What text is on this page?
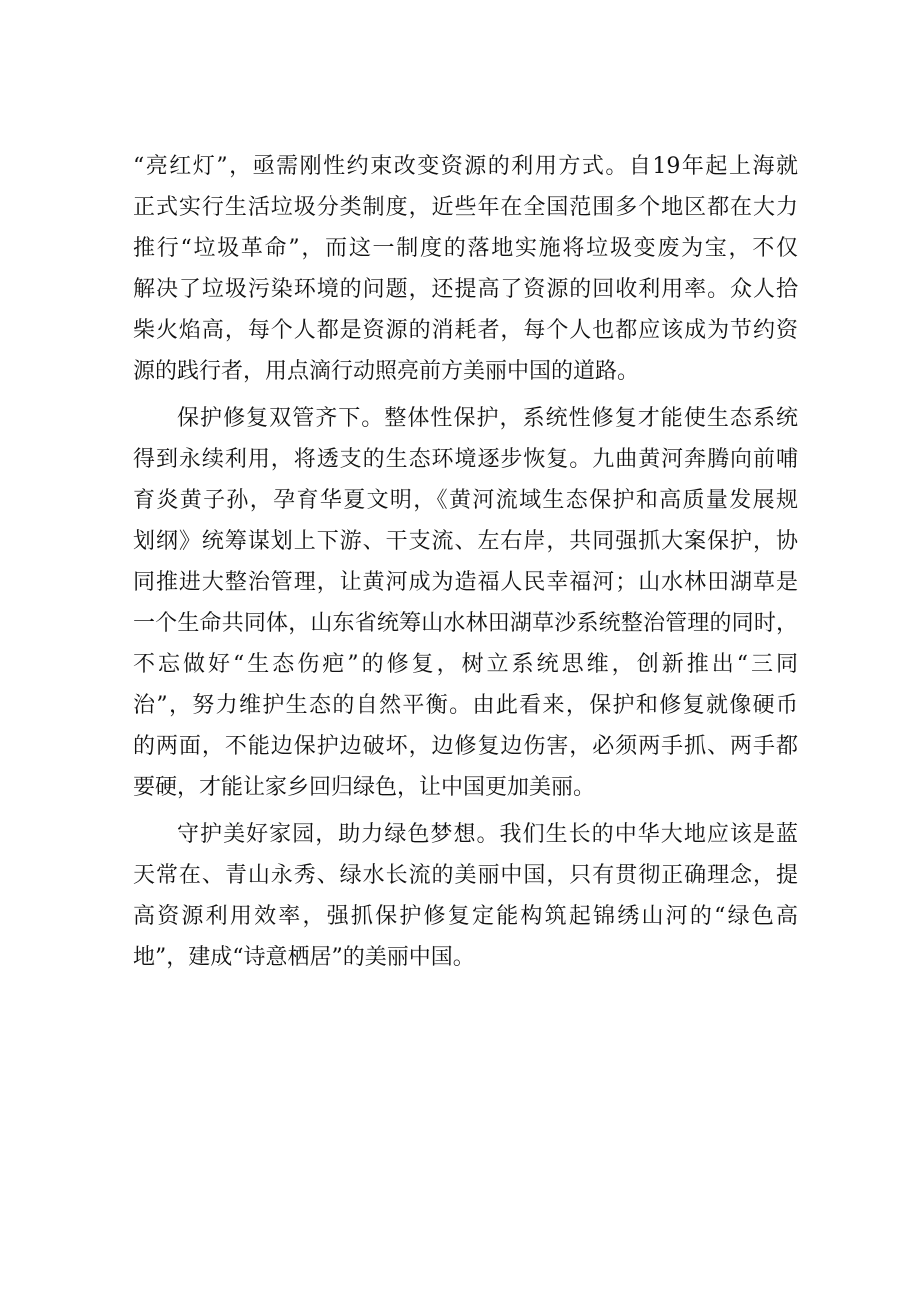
“亮红灯”，亟需刚性约束改变资源的利用方式。自19年起上海就
正式实行生活垃圾分类制度，近些年在全国范围多个地区都在大力
推行“垃圾革命”，而这一制度的落地实施将垃圾变废为宝，不仅
解决了垃圾污染环境的问题，还提高了资源的回收利用率。众人拾
柴火焰高，每个人都是资源的消耗者，每个人也都应该成为节约资
源的践行者，用点滴行动照亮前方美丽中国的道路。

保护修复双管齐下。整体性保护，系统性修复才能使生态系统
得到永续利用，将透支的生态环境逐步恢复。九曲黄河奔腾向前哺
育炎黄子孙，孕育华夏文明，《黄河流域生态保护和高质量发展规
划纲》统筹谋划上下游、干支流、左右岸，共同强抓大案保护，协
同推进大整治管理，让黄河成为造福人民幸福河；山水林田湖草是
一个生命共同体，山东省统筹山水林田湖草沙系统整治管理的同时，
不忘做好“生态伤疤”的修复，树立系统思维，创新推出“三同
治”，努力维护生态的自然平衡。由此看来，保护和修复就像硬币
的两面，不能边保护边破坏，边修复边伤害，必须两手抓、两手都
要硬，才能让家乡回归绿色，让中国更加美丽。

守护美好家园，助力绿色梦想。我们生长的中华大地应该是蓝
天常在、青山永秀、绿水长流的美丽中国，只有贯彻正确理念，提
高资源利用效率，强抓保护修复定能构筑起锦绣山河的“绿色高
地”，建成“诗意栖居”的美丽中国。
